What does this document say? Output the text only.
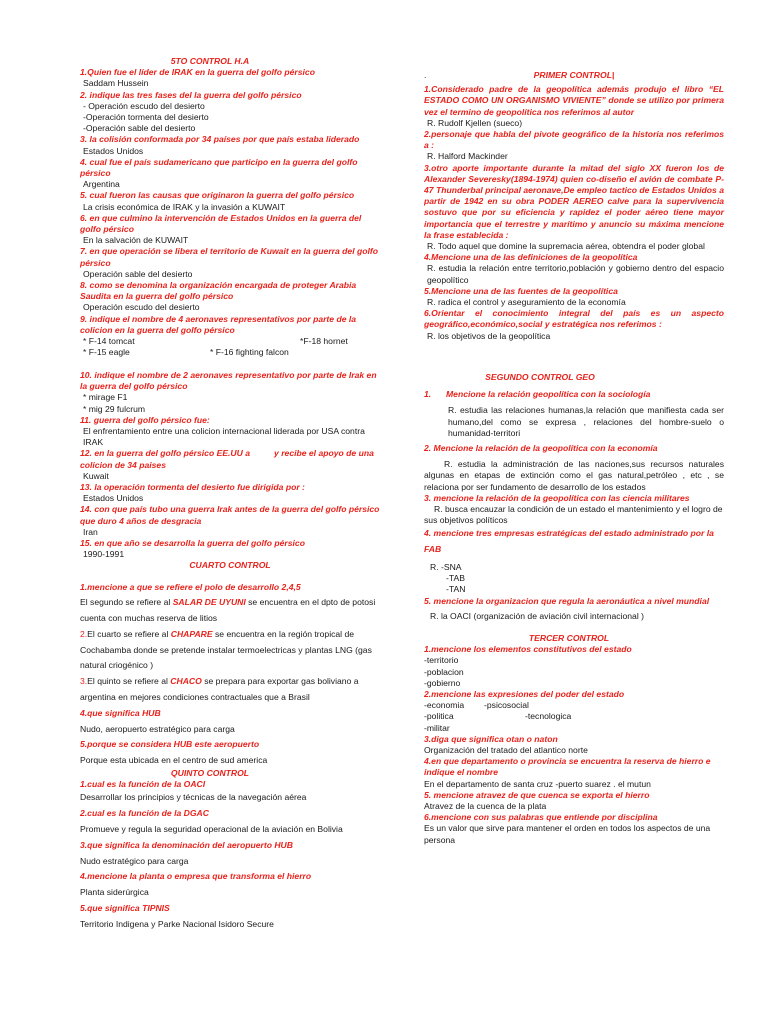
5TO CONTROL H.A
1.Quien fue el líder de IRAK en la guerra del golfo pérsico
Saddam Hussein
2. indique las tres fases del la guerra del golfo pérsico
- Operación escudo del desierto
-Operación tormenta del desierto
-Operación sable del desierto
3. la colisión conformada por 34 países por que país estaba liderado
Estados Unidos
4. cual fue el país sudamericano que participo en la guerra del golfo pérsico
Argentina
5. cual fueron las causas que originaron la guerra del golfo pérsico
La crisis económica de IRAK y la invasión a KUWAIT
6. en que culmino la intervención de Estados Unidos en la guerra del golfo pérsico
En la salvación de KUWAIT
7. en que operación se libera el territorio de Kuwait en la guerra del golfo pérsico
Operación sable del desierto
8. como se denomina la organización encargada de proteger Arabia Saudita en la guerra del golfo pérsico
Operación escudo del desierto
9. indique el nombre de 4 aeronaves representativos por parte de la colicion en la guerra del golfo pérsico
* F-14 tomcat	*F-18 hornet
* F-15 eagle	* F-16 fighting falcon
10. indique el nombre de 2 aeronaves representativo por parte de Irak en la guerra del golfo pérsico
* mirage F1
* mig 29 fulcrum
11. guerra del golfo pérsico fue:
El enfrentamiento entre una colicion internacional liderada por USA contra IRAK
12. en la guerra del golfo pérsico EE.UU a	y recibe el apoyo de una colicion de 34 paises
Kuwait
13. la operación tormenta del desierto fue dirigida por :
Estados Unidos
14. con que país tubo una guerra Irak antes de la guerra del golfo pérsico que duro 4 años de desgracia
Iran
15. en que año se desarrolla la guerra del golfo pérsico
1990-1991
CUARTO CONTROL
1.mencione a que se refiere el polo de desarrollo 2,4,5
El segundo se refiere al SALAR DE UYUNI se encuentra en el dpto de potosi cuenta con muchas reserva de litios
2.El cuarto se refiere al CHAPARE se encuentra en la región tropical de Cochabamba donde se pretende instalar termoelectricas y plantas LNG (gas natural criogénico )
3.El quinto se refiere al CHACO se prepara para exportar gas boliviano a argentina en mejores condiciones contractuales que a Brasil
4.que significa HUB
Nudo, aeropuerto estratégico para carga
5.porque se considera HUB este aeropuerto
Porque esta ubicada en el centro de sud america
QUINTO CONTROL
1.cual es la función de la OACI
Desarrollar los principios y técnicas de la navegación aérea
2.cual es la función de la DGAC
Promueve y regula la seguridad operacional de la aviación en Bolivia
3.que significa la denominación del aeropuerto HUB
Nudo estratégico para carga
4.mencione la planta o empresa que transforma el hierro
Planta siderúrgica
5.que significa TIPNIS
Territorio Indigena y Parke Nacional Isidoro Secure
.	PRIMER CONTROL|
1.Considerado padre de la geopolítica además produjo el libro “EL ESTADO COMO UN ORGANISMO VIVIENTE” donde se utilizo por primera vez el termino de geopolítica nos referimos al autor
R. Rudolf Kjellen (sueco)
2.personaje que habla del pivote geográfico de la historia nos referimos a :
R. Halford Mackinder
3.otro aporte importante durante la mitad del siglo XX fueron los de Alexander Severesky(1894-1974) quien co-diseño el avión de combate P-47 Thunderbal principal aeronave,De empleo tactico de Estados Unidos a partir de 1942 en su obra PODER AEREO calve para la supervivencia sostuvo que por su eficiencia y rapidez el poder aéreo tiene mayor importancia que el terrestre y marítimo y anuncio su máxima mencione la frase establecida :
R. Todo aquel que domine la supremacia aérea, obtendra el poder global
4.Mencione una de las definiciones de la geopolítica
R. estudia la relación entre territorio,población y gobierno dentro del espacio geopolítico
5.Mencione una de las fuentes de la geopolítica
R. radica el control y aseguramiento de la economía
6.Orientar el conocimiento integral del país es un aspecto geográfico,económico,social y estratégica nos referimos :
R. los objetivos de la geopolítica
SEGUNDO CONTROL GEO
1. Mencione la relación geopolítica con la sociología
R. estudia las relaciones humanas,la relación que manifiesta cada ser humano,del como se expresa , relaciones del hombre-suelo o humanidad-territori
2. Mencione la relación de la geopolítica con la economía
R. estudia la administración de las naciones,sus recursos naturales algunas en etapas de extinción como el gas natural,petróleo , etc , se relaciona por ser fundamento de desarrollo de los estados
3. mencione la relación de la geopolítica con las ciencia militares
R. busca encauzar la condición de un estado el mantenimiento y el logro de sus objetivos políticos
4. mencione tres empresas estratégicas del estado administrado por la FAB
R. -SNA
-TAB
-TAN
5. mencione la organizacion que regula la aeronáutica a nivel mundial
R. la OACI (organización de aviación civil internacional )
TERCER CONTROL
1.mencione los elementos constitutivos del estado
-territorio
-poblacion
-gobierno
2.mencione las expresiones del poder del estado
-economia -psicosocial
-politica	-tecnologica
-militar
3.diga que significa otan o naton
Organización del tratado del atlantico norte
4.en que departamento o provincia se encuentra la reserva de hierro e indique el nombre
En el departamento de santa cruz -puerto suarez . el mutun
5. mencione atravez de que cuenca se exporta el hierro
Atravez de la cuenca de la plata
6.mencione con sus palabras que entiende por disciplina
Es un valor que sirve para mantener el orden en todos los aspectos de una persona
